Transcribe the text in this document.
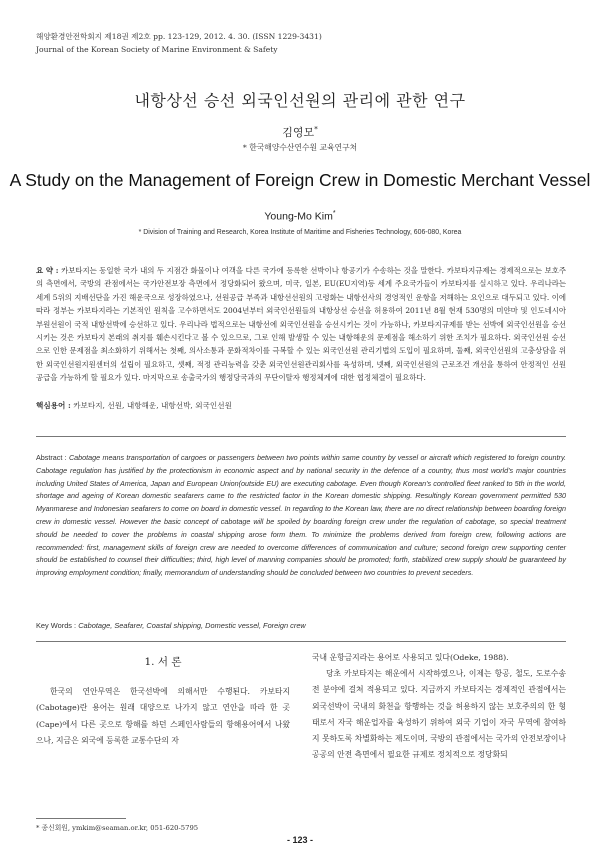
해양환경안전학회지 제18권 제2호 pp. 123-129, 2012. 4. 30. (ISSN 1229-3431)
Journal of the Korean Society of Marine Environment & Safety
내항상선 승선 외국인선원의 관리에 관한 연구
김영모*
* 한국해양수산연수원 교육연구처
A Study on the Management of Foreign Crew in Domestic Merchant Vessel
Young-Mo Kim*
* Division of Training and Research, Korea Institute of Maritime and Fisheries Technology, 606-080, Korea
요 약 : 카보타지는 동일한 국가 내의 두 지점간 화물이나 여객을 다른 국가에 등록한 선박이나 항공기가 수송하는 것을 말한다. 카보타지규제는 경제적으로는 보호주의 측면에서, 국방의 관점에서는 국가안전보장 측면에서 정당화되어 왔으며, 미국, 일본, EU(EU지역)등 세계 주요국가들이 카보타지를 실시하고 있다. 우리나라는 세계 5위의 지배선단을 가진 해운국으로 성장하였으나, 선원공급 부족과 내항선선원의 고령화는 내항선사의 경영적인 운항을 저해하는 요인으로 대두되고 있다. 이에 따라 정부는 카보타지라는 기본적인 원칙을 고수하면서도 2004년부터 외국인선원들의 내항상선 승선을 허용하여 2011년 8월 현재 530명의 미얀마 및 인도네시아 부원선원이 국적 내항선박에 승선하고 있다. 우리나라 법적으로는 내항선에 외국인선원을 승선시키는 것이 가능하나, 카보타지규제를 받는 선박에 외국인선원을 승선시키는 것은 카보타지 본래의 취지를 훼손시킨다고 볼 수 있으므로, 그로 인해 발생할 수 있는 내항해운의 문제점을 해소하기 위한 조치가 필요하다. 외국인선원 승선으로 인한 문제점을 최소화하기 위해서는 첫째, 의사소통과 문화적차이를 극복할 수 있는 외국인선원 관리기법의 도입이 필요하며, 둘째, 외국인선원의 고충상담을 위한 외국인선원지원센터의 설립이 필요하고, 셋째, 적정 관리능력을 갖춘 외국인선원관리회사를 육성하며, 넷째, 외국인선원의 근로조건 개선을 통하여 안정적인 선원공급을 가능하게 할 필요가 있다. 마지막으로 송출국가의 행정당국과의 무단이탈자 행정체계에 대한 협정체결이 필요하다.
핵심용어 : 카보타지, 선원, 내항해운, 내항선박, 외국인선원
Abstract : Cabotage means transportation of cargoes or passengers between two points within same country by vessel or aircraft which registered to foreign country. Cabotage regulation has justified by the protectionism in economic aspect and by national security in the defence of a country, thus most world's major countries including United States of America, Japan and European Union(outside EU) are executing cabotage. Even though Korean's controlled fleet ranked to 5th in the world, shortage and ageing of Korean domestic seafarers came to the restricted factor in the Korean domestic shipping. Resultingly Korean government permitted 530 Myanmarese and Indonesian seafarers to come on board in domestic vessel. In regarding to the Korean law, there are no direct relationship between boarding foreign crew in domestic vessel. However the basic concept of cabotage will be spoiled by boarding foreign crew under the regulation of cabotage, so special treatment should be needed to cover the problems in coastal shipping arose form them. To minimize the problems derived from foreign crew, following actions are recommended: first, management skills of foreign crew are needed to overcome differences of communication and culture; second foreign crew supporting center should be established to counsel their difficulties; third, high level of manning companies should be promoted; forth, stabilized crew supply should be guaranteed by improving employment condition; finally, memorandum of understanding should be concluded between two countries to prevent seceders.
Key Words : Cabotage, Seafarer, Coastal shipping, Domestic vessel, Foreign crew
1. 서 론

한국의 연안무역은 한국선박에 의해서만 수행된다. 카보타지(Cabotage)란 용어는 원래 대양으로 나가지 않고 연안을 따라 한 곳(Cape)에서 다른 곳으로 항해를 하던 스페인사람들의 항해용어에서 나왔으나, 지금은 외국에 등록한 교통수단의 자

국내 운항금지라는 용어로 사용되고 있다(Odeke, 1988).

당초 카보타지는 해운에서 시작하였으나, 이제는 항공, 철도, 도로수송 전 분야에 걸쳐 적용되고 있다. 지금까지 카보타지는 경제적인 관점에서는 외국선박이 국내의 화천을 항행하는 것을 허용하지 않는 보호주의의 한 형태로서 자국 해운업자를 육성하기 위하여 외국 기업이 자국 무역에 참여하지 못하도록 차별화하는 제도이며, 국방의 관점에서는 국가의 안전보장이나 공공의 안전 측면에서 필요한 규제로 정치적으로 정당화되

* 종신회원, ymkim@seaman.or.kr, 051-620-5795
- 123 -
